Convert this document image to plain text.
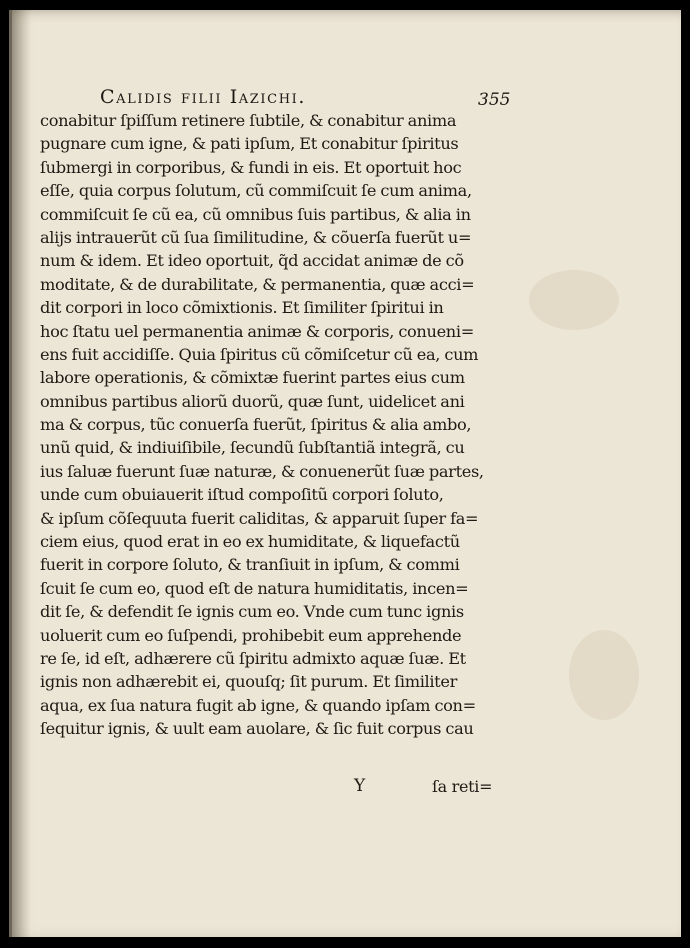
Calidis filii Iazichi.	355
conabitur ſpiſſum retinere ſubtile, & conabitur anima
pugnare cum igne, & pati ipſum, Et conabitur ſpiritus
ſubmergi in corporibus, & fundi in eis. Et oportuit hoc
eſſe, quia corpus ſolutum, cũ commiſcuit ſe cum anima,
commiſcuit ſe cũ ea, cũ omnibus ſuis partibus, & alia in
alijs intrauerũt cũ ſua ſimilitudine, & cõuerſa fuerũt u=
num & idem. Et ideo oportuit, q̃d accidat animæ de cõ
moditate, & de durabilitate, & permanentia, quæ acci=
dit corpori in loco cõmixtionis. Et ſimiliter ſpiritui in
hoc ſtatu uel permanentia animæ & corporis, conueni=
ens fuit accidiſſe. Quia ſpiritus cũ cõmiſcetur cũ ea, cum
labore operationis, & cõmixtæ fuerint partes eius cum
omnibus partibus aliorũ duorũ, quæ ſunt, uidelicet ani
ma & corpus, tũc conuerſa fuerũt, ſpiritus & alia ambo,
unũ quid, & indiuiſibile, ſecundũ ſubſtantiã integrã, cu
ius ſaluæ fuerunt ſuæ naturæ, & conuenerũt ſuæ partes,
unde cum obuiauerit iſtud compoſitũ corpori ſoluto,
& ipſum cõſequuta fuerit caliditas, & apparuit ſuper fa=
ciem eius, quod erat in eo ex humiditate, & liquefactũ
fuerit in corpore ſoluto, & tranſiuit in ipſum, & commi
ſcuit ſe cum eo, quod eſt de natura humiditatis, incen=
dit ſe, & defendit ſe ignis cum eo. Vnde cum tunc ignis
uoluerit cum eo ſuſpendi, prohibebit eum apprehende
re ſe, id eſt, adhærere cũ ſpiritu admixto aquæ ſuæ. Et
ignis non adhærebit ei, quouſq; ſit purum. Et ſimiliter
aqua, ex ſua natura fugit ab igne, & quando ipſam con=
ſequitur ignis, & uult eam auolare, & ſic fuit corpus cau
Y	ſa reti=
